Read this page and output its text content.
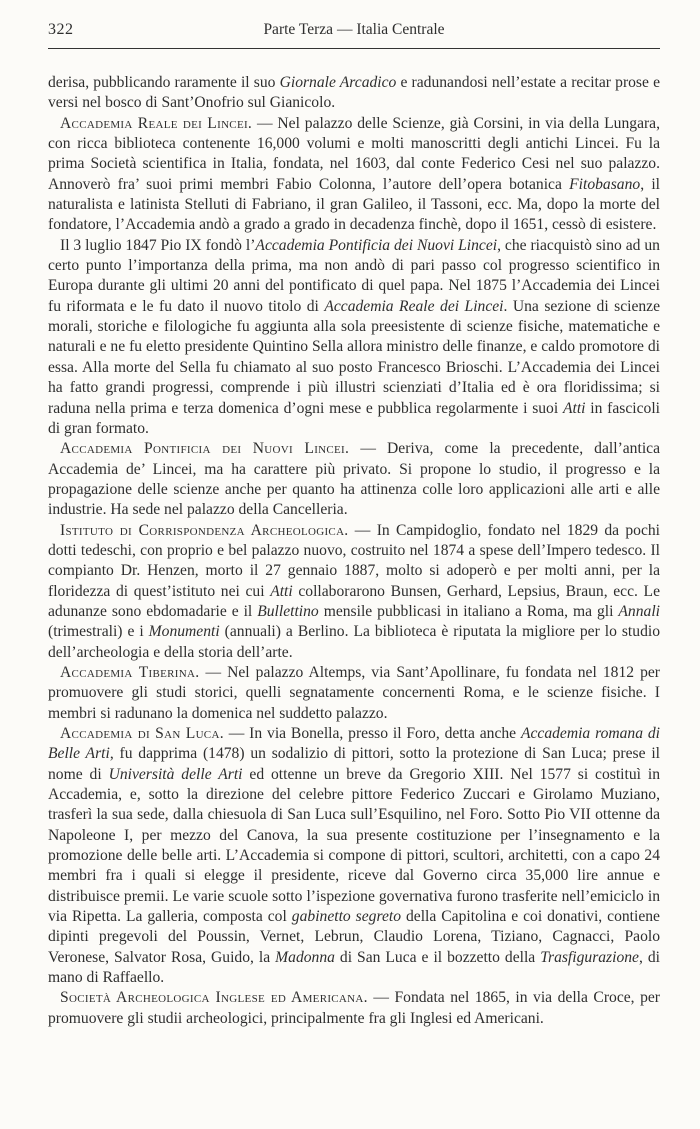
322	Parte Terza — Italia Centrale

derisa, pubblicando raramente il suo Giornale Arcadico e radunandosi nell’estate a recitar prose e versi nel bosco di Sant’Onofrio sul Gianicolo.

Accademia Reale dei Lincei. — Nel palazzo delle Scienze, già Corsini, in via della Lungara, con ricca biblioteca contenente 16,000 volumi e molti manoscritti degli antichi Lincei. Fu la prima Società scientifica in Italia, fondata, nel 1603, dal conte Federico Cesi nel suo palazzo. Annoverò fra’ suoi primi membri Fabio Colonna, l’autore dell’opera botanica Fitobasano, il naturalista e latinista Stelluti di Fabriano, il gran Galileo, il Tassoni, ecc. Ma, dopo la morte del fondatore, l’Accademia andò a grado a grado in decadenza finchè, dopo il 1651, cessò di esistere.

Il 3 luglio 1847 Pio IX fondò l’Accademia Pontificia dei Nuovi Lincei, che riacquistò sino ad un certo punto l’importanza della prima, ma non andò di pari passo col progresso scientifico in Europa durante gli ultimi 20 anni del pontificato di quel papa. Nel 1875 l’Accademia dei Lincei fu riformata e le fu dato il nuovo titolo di Accademia Reale dei Lincei. Una sezione di scienze morali, storiche e filologiche fu aggiunta alla sola preesistente di scienze fisiche, matematiche e naturali e ne fu eletto presidente Quintino Sella allora ministro delle finanze, e caldo promotore di essa. Alla morte del Sella fu chiamato al suo posto Francesco Brioschi. L’Accademia dei Lincei ha fatto grandi progressi, comprende i più illustri scienziati d’Italia ed è ora floridissima; si raduna nella prima e terza domenica d’ogni mese e pubblica regolarmente i suoi Atti in fascicoli di gran formato.

Accademia Pontificia dei Nuovi Lincei. — Deriva, come la precedente, dall’antica Accademia de’ Lincei, ma ha carattere più privato. Si propone lo studio, il progresso e la propagazione delle scienze anche per quanto ha attinenza colle loro applicazioni alle arti e alle industrie. Ha sede nel palazzo della Cancelleria.

Istituto di Corrispondenza Archeologica. — In Campidoglio, fondato nel 1829 da pochi dotti tedeschi, con proprio e bel palazzo nuovo, costruito nel 1874 a spese dell’Impero tedesco. Il compianto Dr. Henzen, morto il 27 gennaio 1887, molto si adoperò e per molti anni, per la floridezza di quest’istituto nei cui Atti collaborarono Bunsen, Gerhard, Lepsius, Braun, ecc. Le adunanze sono ebdomadarie e il Bullettino mensile pubblicasi in italiano a Roma, ma gli Annali (trimestrali) e i Monumenti (annuali) a Berlino. La biblioteca è riputata la migliore per lo studio dell’archeologia e della storia dell’arte.

Accademia Tiberina. — Nel palazzo Altemps, via Sant’Apollinare, fu fondata nel 1812 per promuovere gli studi storici, quelli segnatamente concernenti Roma, e le scienze fisiche. I membri si radunano la domenica nel suddetto palazzo.

Accademia di San Luca. — In via Bonella, presso il Foro, detta anche Accademia romana di Belle Arti, fu dapprima (1478) un sodalizio di pittori, sotto la protezione di San Luca; prese il nome di Università delle Arti ed ottenne un breve da Gregorio XIII. Nel 1577 si costituì in Accademia, e, sotto la direzione del celebre pittore Federico Zuccari e Girolamo Muziano, trasferì la sua sede, dalla chiesuola di San Luca sull’Esquilino, nel Foro. Sotto Pio VII ottenne da Napoleone I, per mezzo del Canova, la sua presente costituzione per l’insegnamento e la promozione delle belle arti. L’Accademia si compone di pittori, scultori, architetti, con a capo 24 membri fra i quali si elegge il presidente, riceve dal Governo circa 35,000 lire annue e distribuisce premii. Le varie scuole sotto l’ispezione governativa furono trasferite nell’emiciclo in via Ripetta. La galleria, composta col gabinetto segreto della Capitolina e coi donativi, contiene dipinti pregevoli del Poussin, Vernet, Lebrun, Claudio Lorena, Tiziano, Cagnacci, Paolo Veronese, Salvator Rosa, Guido, la Madonna di San Luca e il bozzetto della Trasfigurazione, di mano di Raffaello.

Società Archeologica Inglese ed Americana. — Fondata nel 1865, in via della Croce, per promuovere gli studii archeologici, principalmente fra gli Inglesi ed Americani.
